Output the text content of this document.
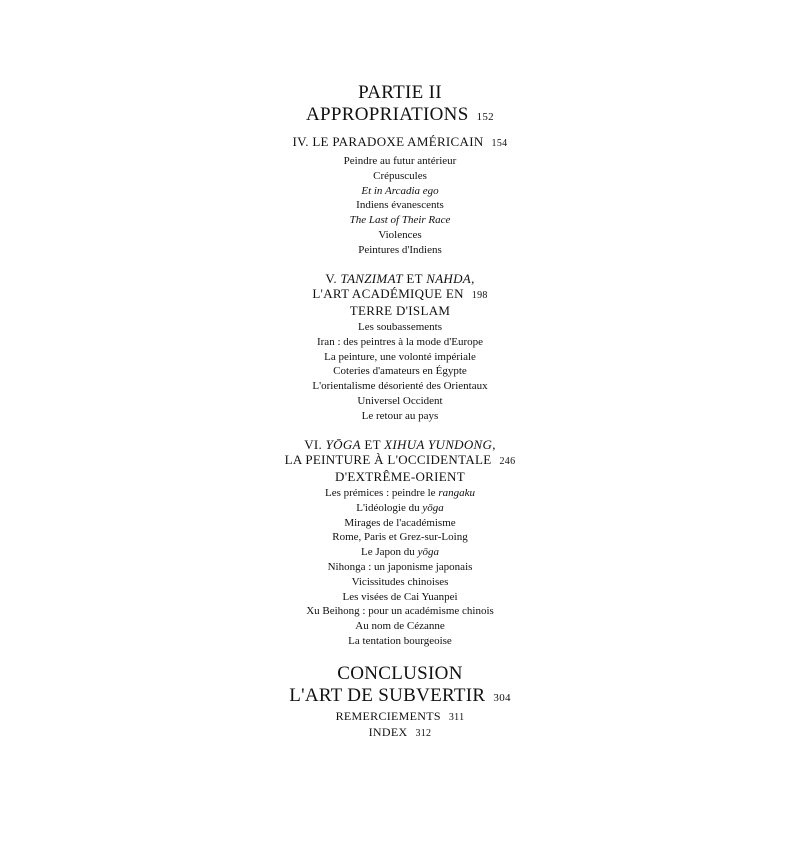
PARTIE II
APPROPRIATIONS 152
IV. LE PARADOXE AMÉRICAIN 154
Peindre au futur antérieur
Crépuscules
Et in Arcadia ego
Indiens évanescents
The Last of Their Race
Violences
Peintures d'Indiens
V. TANZIMAT ET NAHDA,
L'ART ACADÉMIQUE EN 198
TERRE D'ISLAM
Les soubassements
Iran : des peintres à la mode d'Europe
La peinture, une volonté impériale
Coteries d'amateurs en Égypte
L'orientalisme désorienté des Orientaux
Universel Occident
Le retour au pays
VI. YŌGA ET XIHUA YUNDONG,
LA PEINTURE À L'OCCIDENTALE 246
D'EXTRÊME-ORIENT
Les prémices : peindre le rangaku
L'idéologie du yōga
Mirages de l'académisme
Rome, Paris et Grez-sur-Loing
Le Japon du yōga
Nihonga : un japonisme japonais
Vicissitudes chinoises
Les visées de Cai Yuanpei
Xu Beihong : pour un académisme chinois
Au nom de Cézanne
La tentation bourgeoise
CONCLUSION
L'ART DE SUBVERTIR 304
REMERCIEMENTS 311
INDEX 312
